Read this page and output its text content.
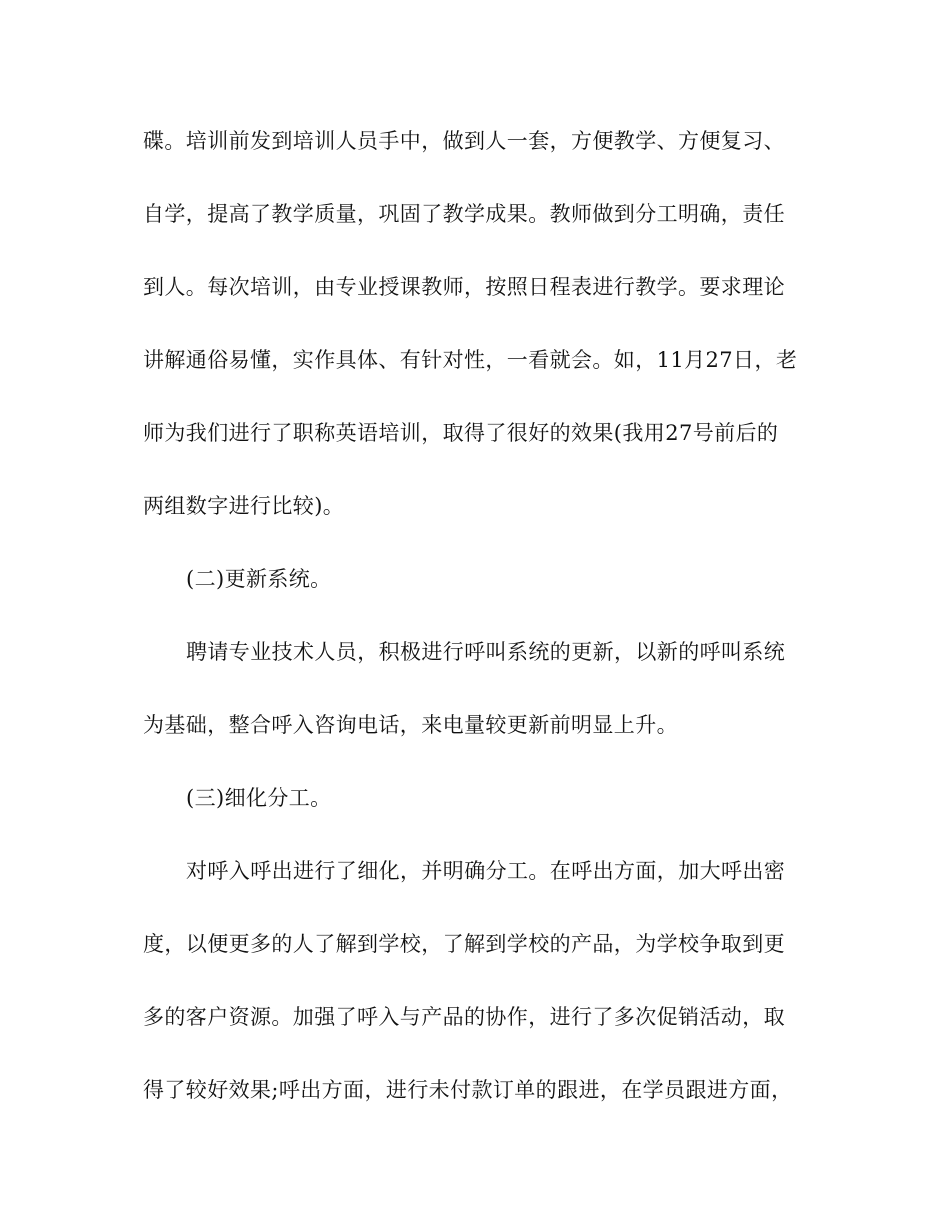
碟。培训前发到培训人员手中，做到人一套，方便教学、方便复习、
自学，提高了教学质量，巩固了教学成果。教师做到分工明确，责任
到人。每次培训，由专业授课教师，按照日程表进行教学。要求理论
讲解通俗易懂，实作具体、有针对性，一看就会。如，11月27日，老
师为我们进行了职称英语培训，取得了很好的效果(我用27号前后的
两组数字进行比较)。
(二)更新系统。
聘请专业技术人员，积极进行呼叫系统的更新，以新的呼叫系统
为基础，整合呼入咨询电话，来电量较更新前明显上升。
(三)细化分工。
对呼入呼出进行了细化，并明确分工。在呼出方面，加大呼出密
度，以便更多的人了解到学校，了解到学校的产品，为学校争取到更
多的客户资源。加强了呼入与产品的协作，进行了多次促销活动，取
得了较好效果;呼出方面，进行未付款订单的跟进，在学员跟进方面，
